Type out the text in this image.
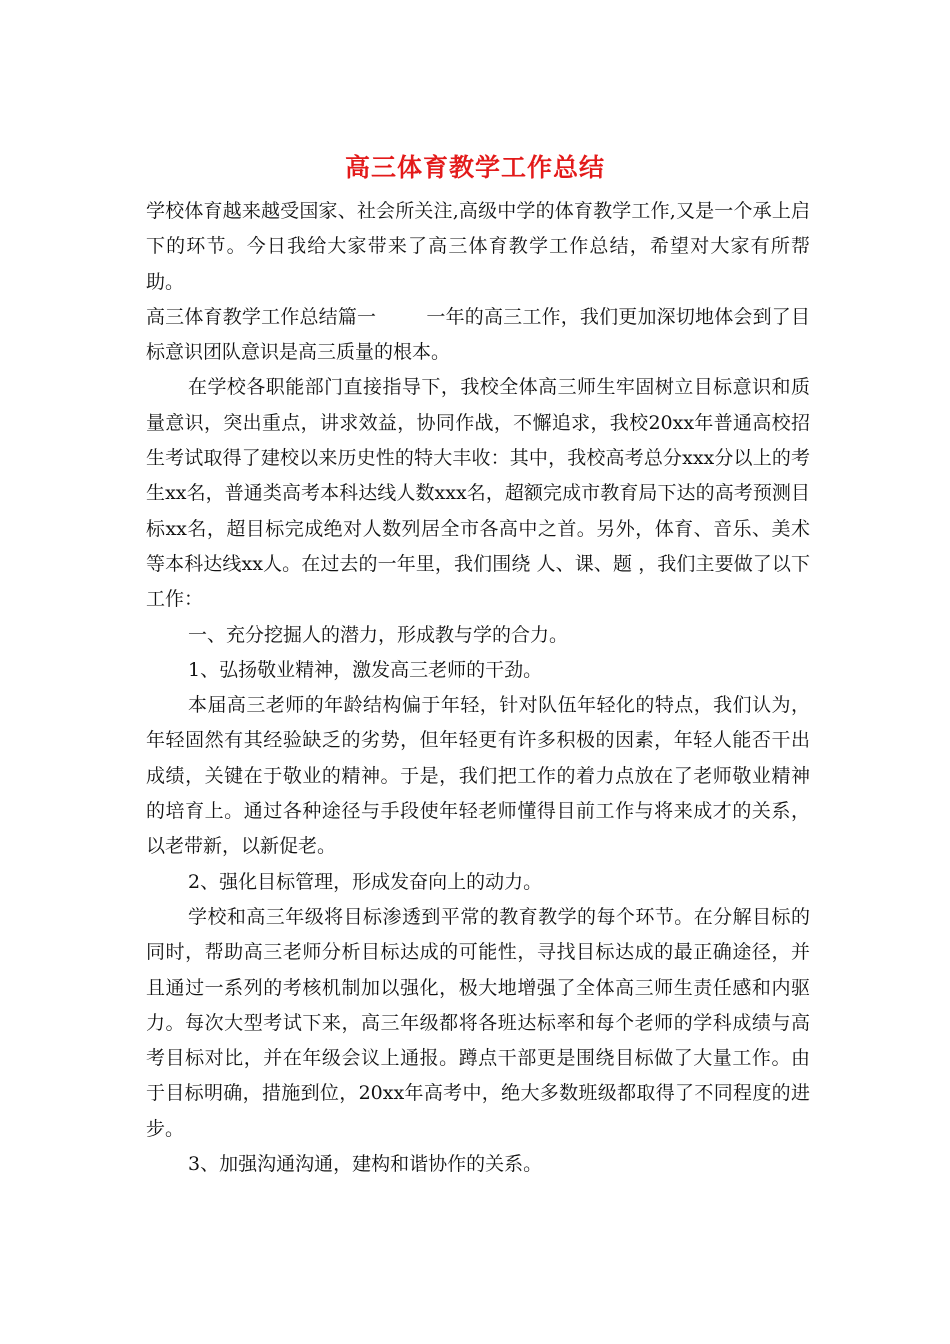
高三体育教学工作总结

学校体育越来越受国家、社会所关注,高级中学的体育教学工作,又是一个承上启下的环节。今日我给大家带来了高三体育教学工作总结，希望对大家有所帮助。

高三体育教学工作总结篇一	一年的高三工作，我们更加深切地体会到了目标意识团队意识是高三质量的根本。

在学校各职能部门直接指导下，我校全体高三师生牢固树立目标意识和质量意识，突出重点，讲求效益，协同作战，不懈追求，我校20xx年普通高校招生考试取得了建校以来历史性的特大丰收：其中，我校高考总分xxx分以上的考生xx名，普通类高考本科达线人数xxx名，超额完成市教育局下达的高考预测目标xx名，超目标完成绝对人数列居全市各高中之首。另外，体育、音乐、美术等本科达线xx人。在过去的一年里，我们围绕 人、课、题 ，我们主要做了以下工作：

一、充分挖掘人的潜力，形成教与学的合力。

1、弘扬敬业精神，激发高三老师的干劲。

本届高三老师的年龄结构偏于年轻，针对队伍年轻化的特点，我们认为，年轻固然有其经验缺乏的劣势，但年轻更有许多积极的因素，年轻人能否干出成绩，关键在于敬业的精神。于是，我们把工作的着力点放在了老师敬业精神的培育上。通过各种途径与手段使年轻老师懂得目前工作与将来成才的关系，以老带新，以新促老。

2、强化目标管理，形成发奋向上的动力。

学校和高三年级将目标渗透到平常的教育教学的每个环节。在分解目标的同时，帮助高三老师分析目标达成的可能性，寻找目标达成的最正确途径，并且通过一系列的考核机制加以强化，极大地增强了全体高三师生责任感和内驱力。每次大型考试下来，高三年级都将各班达标率和每个老师的学科成绩与高考目标对比，并在年级会议上通报。蹲点干部更是围绕目标做了大量工作。由于目标明确，措施到位，20xx年高考中，绝大多数班级都取得了不同程度的进步。

3、加强沟通沟通，建构和谐协作的关系。
